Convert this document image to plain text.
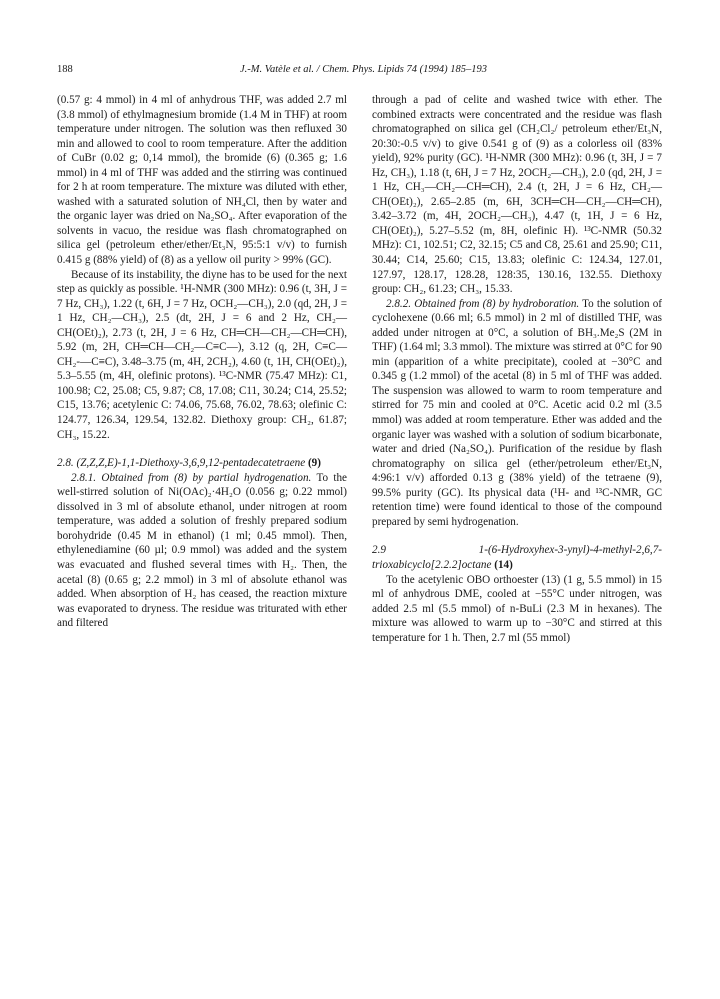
188	J.-M. Vatèle et al. / Chem. Phys. Lipids 74 (1994) 185–193

(0.57 g: 4 mmol) in 4 ml of anhydrous THF, was added 2.7 ml (3.8 mmol) of ethylmagnesium bromide (1.4 M in THF) at room temperature under nitrogen. The solution was then refluxed 30 min and allowed to cool to room temperature. After the addition of CuBr (0.02 g; 0,14 mmol), the bromide (6) (0.365 g; 1.6 mmol) in 4 ml of THF was added and the stirring was continued for 2 h at room temperature. The mixture was diluted with ether, washed with a saturated solution of NH₄Cl, then by water and the organic layer was dried on Na₂SO₄. After evaporation of the solvents in vacuo, the residue was flash chromatographed on silica gel (petroleum ether/ether/Et₃N, 95:5:1 v/v) to furnish 0.415 g (88% yield) of (8) as a yellow oil purity > 99% (GC).

Because of its instability, the diyne has to be used for the next step as quickly as possible. ¹H-NMR (300 MHz): 0.96 (t, 3H, J = 7 Hz, CH₃), 1.22 (t, 6H, J = 7 Hz, OCH₂—CH₃), 2.0 (qd, 2H, J = 1 Hz, CH₂—CH₃), 2.5 (dt, 2H, J = 6 and 2 Hz, CH₂—CH(OEt)₂), 2.73 (t, 2H, J = 6 Hz, CH═CH—CH₂—CH═CH), 5.92 (m, 2H, CH═CH—CH₂—C≡C—), 3.12 (q, 2H, C≡C—CH₂-—C≡C), 3.48–3.75 (m, 4H, 2CH₂), 4.60 (t, 1H, CH(OEt)₂), 5.3–5.55 (m, 4H, olefinic protons). ¹³C-NMR (75.47 MHz): C1, 100.98; C2, 25.08; C5, 9.87; C8, 17.08; C11, 30.24; C14, 25.52; C15, 13.76; acetylenic C: 74.06, 75.68, 76.02, 78.63; olefinic C: 124.77, 126.34, 129.54, 132.82. Diethoxy group: CH₂, 61.87; CH₃, 15.22.

2.8. (Z,Z,Z,E)-1,1-Diethoxy-3,6,9,12-pentadecatetraene (9)

2.8.1. Obtained from (8) by partial hydrogenation. To the well-stirred solution of Ni(OAc)₂·4H₂O (0.056 g; 0.22 mmol) dissolved in 3 ml of absolute ethanol, under nitrogen at room temperature, was added a solution of freshly prepared sodium borohydride (0.45 M in ethanol) (1 ml; 0.45 mmol). Then, ethylenediamine (60 µl; 0.9 mmol) was added and the system was evacuated and flushed several times with H₂. Then, the acetal (8) (0.65 g; 2.2 mmol) in 3 ml of absolute ethanol was added. When absorption of H₂ has ceased, the reaction mixture was evaporated to dryness. The residue was triturated with ether and filtered

through a pad of celite and washed twice with ether. The combined extracts were concentrated and the residue was flash chromatographed on silica gel (CH₂Cl₂/ petroleum ether/Et₃N, 20:30:-0.5 v/v) to give 0.541 g of (9) as a colorless oil (83% yield), 92% purity (GC). ¹H-NMR (300 MHz): 0.96 (t, 3H, J = 7 Hz, CH₃), 1.18 (t, 6H, J = 7 Hz, 2OCH₂—CH₃), 2.0 (qd, 2H, J = 1 Hz, CH₃—CH₂—CH═CH), 2.4 (t, 2H, J = 6 Hz, CH₂—CH(OEt)₂), 2.65–2.85 (m, 6H, 3CH═CH—CH₂—CH═CH), 3.42–3.72 (m, 4H, 2OCH₂—CH₃), 4.47 (t, 1H, J = 6 Hz, CH(OEt)₂), 5.27–5.52 (m, 8H, olefinic H). ¹³C-NMR (50.32 MHz): C1, 102.51; C2, 32.15; C5 and C8, 25.61 and 25.90; C11, 30.44; C14, 25.60; C15, 13.83; olefinic C: 124.34, 127.01, 127.97, 128.17, 128.28, 128:35, 130.16, 132.55. Diethoxy group: CH₂, 61.23; CH₃, 15.33.

2.8.2. Obtained from (8) by hydroboration. To the solution of cyclohexene (0.66 ml; 6.5 mmol) in 2 ml of distilled THF, was added under nitrogen at 0°C, a solution of BH₃.Me₂S (2M in THF) (1.64 ml; 3.3 mmol). The mixture was stirred at 0°C for 90 min (apparition of a white precipitate), cooled at −30°C and 0.345 g (1.2 mmol) of the acetal (8) in 5 ml of THF was added. The suspension was allowed to warm to room temperature and stirred for 75 min and cooled at 0°C. Acetic acid 0.2 ml (3.5 mmol) was added at room temperature. Ether was added and the organic layer was washed with a solution of sodium bicarbonate, water and dried (Na₂SO₄). Purification of the residue by flash chromatography on silica gel (ether/petroleum ether/Et₃N, 4:96:1 v/v) afforded 0.13 g (38% yield) of the tetraene (9), 99.5% purity (GC). Its physical data (¹H- and ¹³C-NMR, GC retention time) were found identical to those of the compound prepared by semi hydrogenation.

2.9	1-(6-Hydroxyhex-3-ynyl)-4-methyl-2,6,7-trioxabicyclo[2.2.2]octane (14)

To the acetylenic OBO orthoester (13) (1 g, 5.5 mmol) in 15 ml of anhydrous DME, cooled at −55°C under nitrogen, was added 2.5 ml (5.5 mmol) of n-BuLi (2.3 M in hexanes). The mixture was allowed to warm up to −30°C and stirred at this temperature for 1 h. Then, 2.7 ml (55 mmol)
